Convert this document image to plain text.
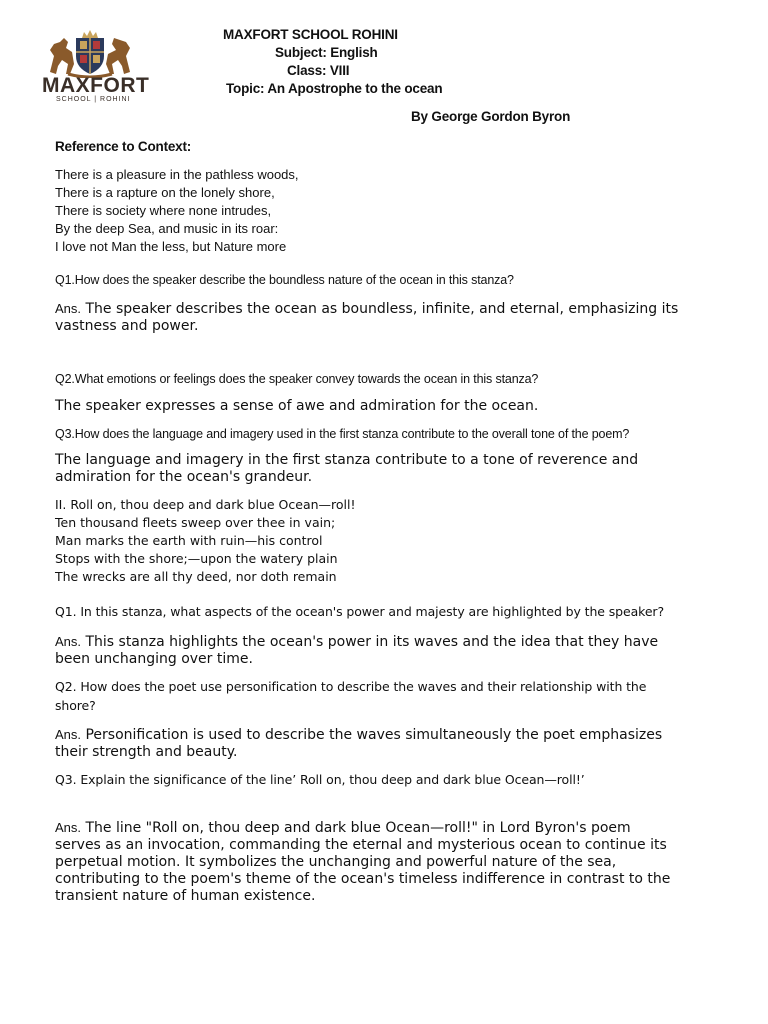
MAXFORT
SCHOOL | ROHINI
MAXFORT SCHOOL ROHINI
Subject: English
Class: VIII
Topic: An Apostrophe to the ocean
By George Gordon Byron
Reference to Context:
There is a pleasure in the pathless woods,
There is a rapture on the lonely shore,
There is society where none intrudes,
By the deep Sea, and music in its roar:
I love not Man the less, but Nature more
Q1.How does the speaker describe the boundless nature of the ocean in this stanza?
Ans. The speaker describes the ocean as boundless, infinite, and eternal, emphasizing its vastness and power.
Q2.What emotions or feelings does the speaker convey towards the ocean in this stanza?
The speaker expresses a sense of awe and admiration for the ocean.
Q3.How does the language and imagery used in the first stanza contribute to the overall tone of the poem?
The language and imagery in the first stanza contribute to a tone of reverence and admiration for the ocean's grandeur.
II. Roll on, thou deep and dark blue Ocean—roll!
Ten thousand fleets sweep over thee in vain;
Man marks the earth with ruin—his control
Stops with the shore;—upon the watery plain
The wrecks are all thy deed, nor doth remain
Q1. In this stanza, what aspects of the ocean's power and majesty are highlighted by the speaker?
Ans. This stanza highlights the ocean's power in its waves and the idea that they have been unchanging over time.
Q2. How does the poet use personification to describe the waves and their relationship with the
shore?
Ans. Personification is used to describe the waves simultaneously the poet emphasizes their strength and beauty.
Q3. Explain the significance of the line’ Roll on, thou deep and dark blue Ocean—roll!’
Ans. The line "Roll on, thou deep and dark blue Ocean—roll!" in Lord Byron's poem serves as an invocation, commanding the eternal and mysterious ocean to continue its perpetual motion. It symbolizes the unchanging and powerful nature of the sea, contributing to the poem's theme of the ocean's timeless indifference in contrast to the transient nature of human existence.
